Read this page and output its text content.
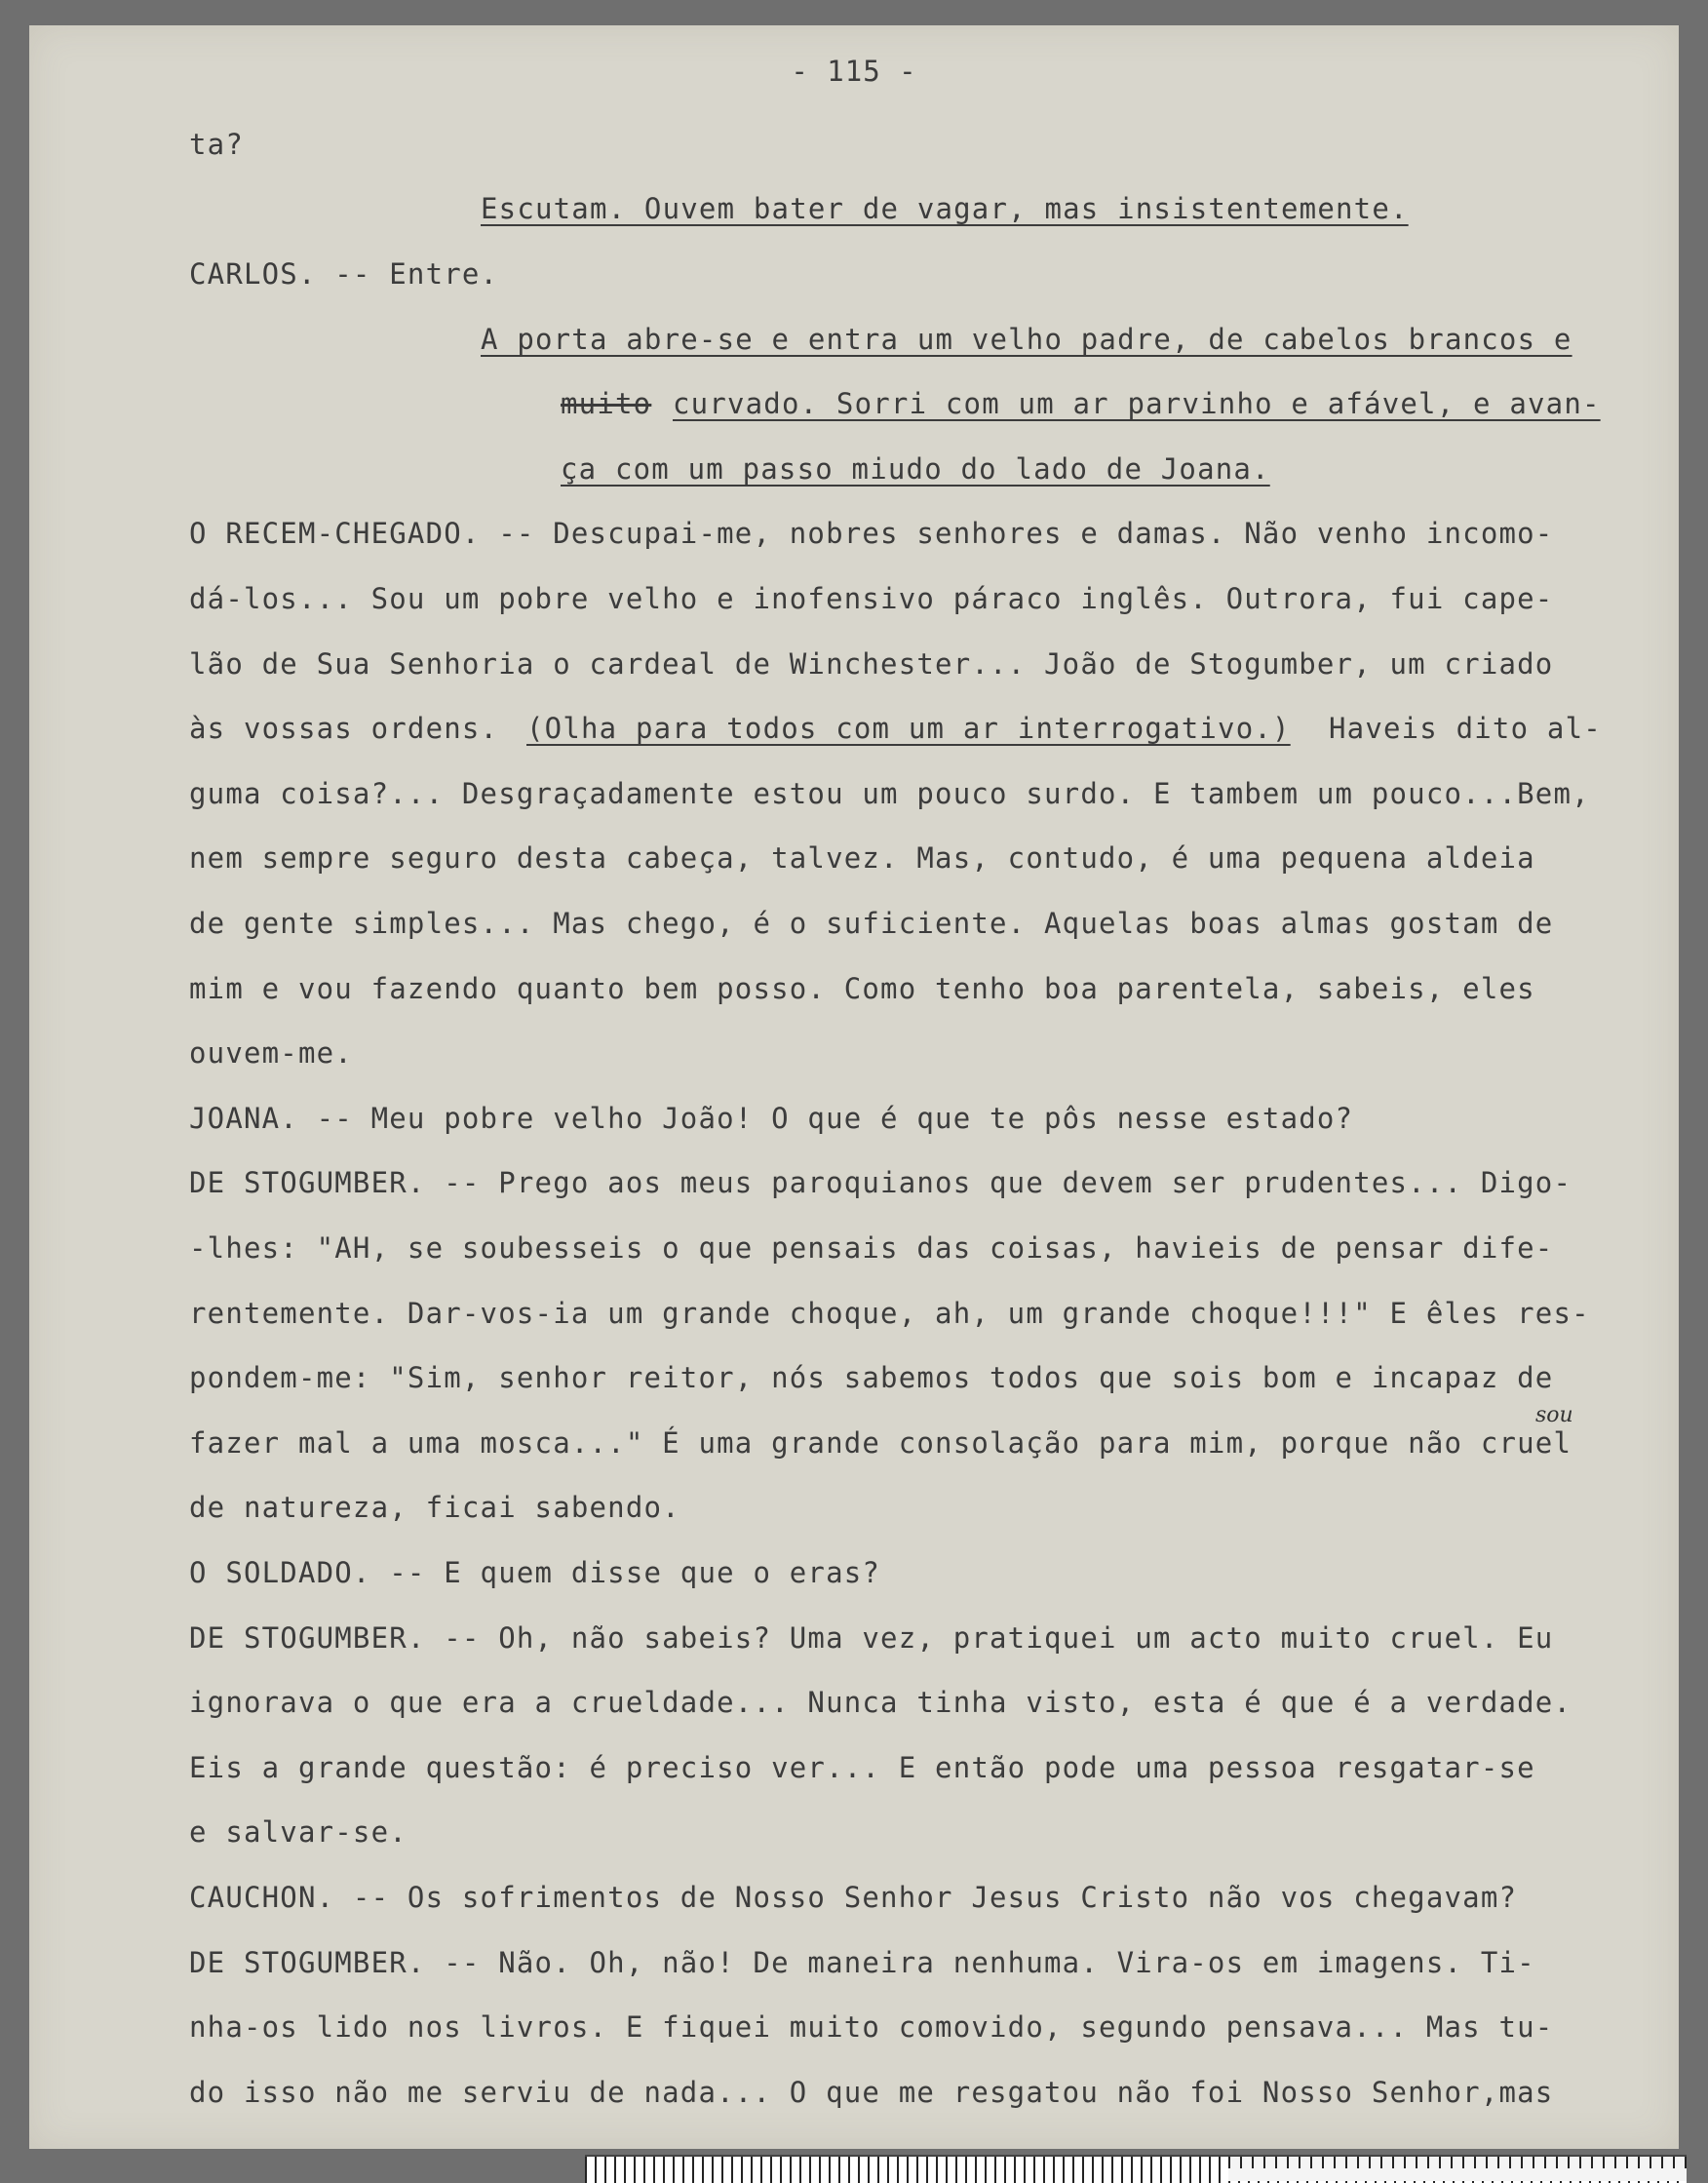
- 115 -
ta?
Escutam. Ouvem bater de vagar, mas insistentemente.
CARLOS. -- Entre.
A porta abre-se e entra um velho padre, de cabelos brancos e
muito curvado. Sorri com um ar parvinho e afável, e avan-
ça com um passo miudo do lado de Joana.
O RECEM-CHEGADO. -- Descupai-me, nobres senhores e damas. Não venho incomo-
dá-los... Sou um pobre velho e inofensivo páraco inglês. Outrora, fui cape-
lão de Sua Senhoria o cardeal de Winchester... João de Stogumber, um criado
às vossas ordens. (Olha para todos com um ar interrogativo.) Haveis dito al-
guma coisa?... Desgraçadamente estou um pouco surdo. E tambem um pouco...Bem,
nem sempre seguro desta cabeça, talvez. Mas, contudo, é uma pequena aldeia
de gente simples... Mas chego, é o suficiente. Aquelas boas almas gostam de
mim e vou fazendo quanto bem posso. Como tenho boa parentela, sabeis, eles
ouvem-me.
JOANA. -- Meu pobre velho João! O que é que te pôs nesse estado?
DE STOGUMBER. -- Prego aos meus paroquianos que devem ser prudentes... Digo-
-lhes: "AH, se soubesseis o que pensais das coisas, havieis de pensar dife-
rentemente. Dar-vos-ia um grande choque, ah, um grande choque!!!" E êles res-
pondem-me: "Sim, senhor reitor, nós sabemos todos que sois bom e incapaz de
sou
fazer mal a uma mosca..." É uma grande consolação para mim, porque não cruel
de natureza, ficai sabendo.
O SOLDADO. -- E quem disse que o eras?
DE STOGUMBER. -- Oh, não sabeis? Uma vez, pratiquei um acto muito cruel. Eu
ignorava o que era a crueldade... Nunca tinha visto, esta é que é a verdade.
Eis a grande questão: é preciso ver... E então pode uma pessoa resgatar-se
e salvar-se.
CAUCHON. -- Os sofrimentos de Nosso Senhor Jesus Cristo não vos chegavam?
DE STOGUMBER. -- Não. Oh, não! De maneira nenhuma. Vira-os em imagens. Ti-
nha-os lido nos livros. E fiquei muito comovido, segundo pensava... Mas tu-
do isso não me serviu de nada... O que me resgatou não foi Nosso Senhor,mas
